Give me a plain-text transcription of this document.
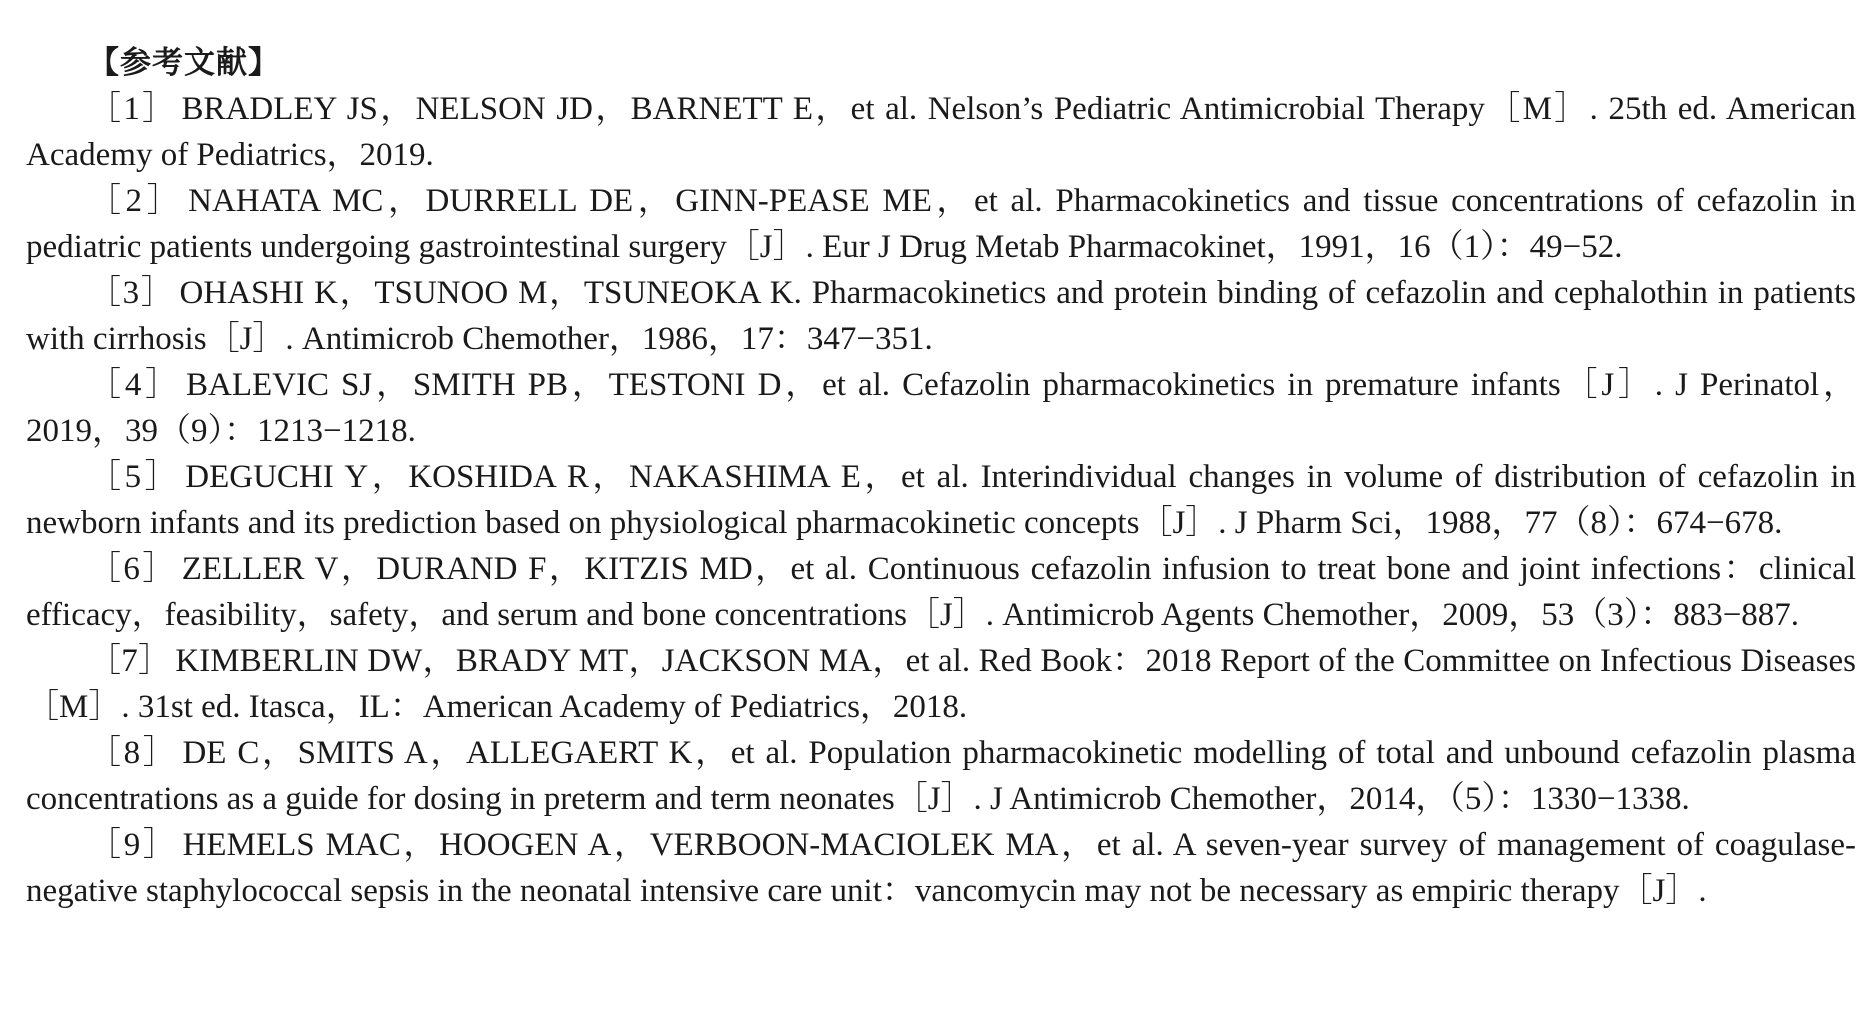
【参考文献】

［1］ BRADLEY JS，NELSON JD，BARNETT E，et al. Nelson’s Pediatric Antimicrobial Therapy［M］. 25th ed. American Academy of Pediatrics，2019.

［2］ NAHATA MC，DURRELL DE，GINN-PEASE ME，et al. Pharmacokinetics and tissue concentrations of cefazolin in pediatric patients undergoing gastrointestinal surgery［J］. Eur J Drug Metab Pharmacokinet，1991，16（1）：49−52.

［3］ OHASHI K，TSUNOO M，TSUNEOKA K. Pharmacokinetics and protein binding of cefazolin and cephalothin in patients with cirrhosis［J］. Antimicrob Chemother，1986，17：347−351.

［4］ BALEVIC SJ，SMITH PB，TESTONI D，et al. Cefazolin pharmacokinetics in premature infants［J］. J Perinatol，2019，39（9）：1213−1218.

［5］ DEGUCHI Y，KOSHIDA R，NAKASHIMA E，et al. Interindividual changes in volume of distribution of cefazolin in newborn infants and its prediction based on physiological pharmacokinetic concepts［J］. J Pharm Sci，1988，77（8）：674−678.

［6］ ZELLER V，DURAND F，KITZIS MD，et al. Continuous cefazolin infusion to treat bone and joint infections：clinical efficacy，feasibility，safety，and serum and bone concentrations［J］. Antimicrob Agents Chemother，2009，53（3）：883−887.

［7］ KIMBERLIN DW，BRADY MT，JACKSON MA，et al. Red Book：2018 Report of the Committee on Infectious Diseases［M］. 31st ed. Itasca，IL：American Academy of Pediatrics，2018.

［8］ DE C，SMITS A，ALLEGAERT K，et al. Population pharmacokinetic modelling of total and unbound cefazolin plasma concentrations as a guide for dosing in preterm and term neonates［J］. J Antimicrob Chemother，2014，（5）：1330−1338.

［9］ HEMELS MAC，HOOGEN A，VERBOON-MACIOLEK MA，et al. A seven-year survey of management of coagulase-negative staphylococcal sepsis in the neonatal intensive care unit：vancomycin may not be necessary as empiric therapy［J］.
